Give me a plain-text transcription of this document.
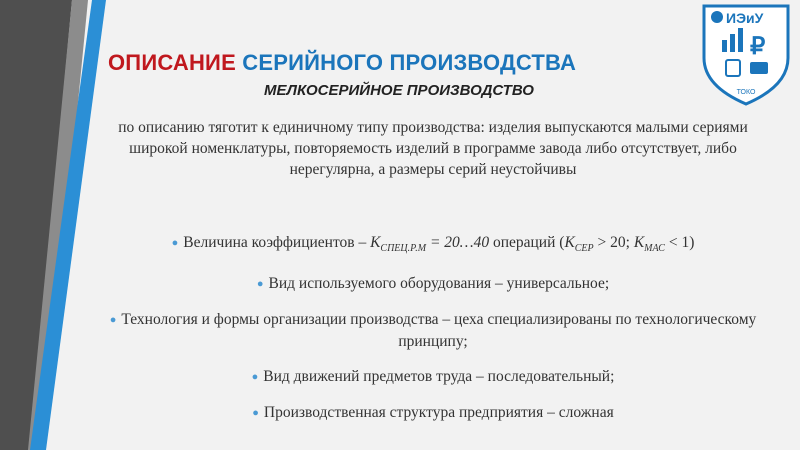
ОПИСАНИЕ СЕРИЙНОГО ПРОИЗВОДСТВА
МЕЛКОСЕРИЙНОЕ ПРОИЗВОДСТВО

по описанию тяготит к единичному типу производства: изделия выпускаются малыми сериями широкой номенклатуры, повторяемость изделий в программе завода либо отсутствует, либо нерегулярна, а размеры серий неустойчивы

● Величина коэффициентов – $К_{СПЕЦ.Р.М}$ = 20…40 операций ($К_{СЕР} > 20$; $К_{МАС} < 1$)
● Вид используемого оборудования – универсальное;
● Технология и формы организации производства – цеха специализированы по технологическому принципу;
● Вид движений предметов труда – последовательный;
● Производственная структура предприятия – сложная
ИЭиУ
₽
ТОКО
